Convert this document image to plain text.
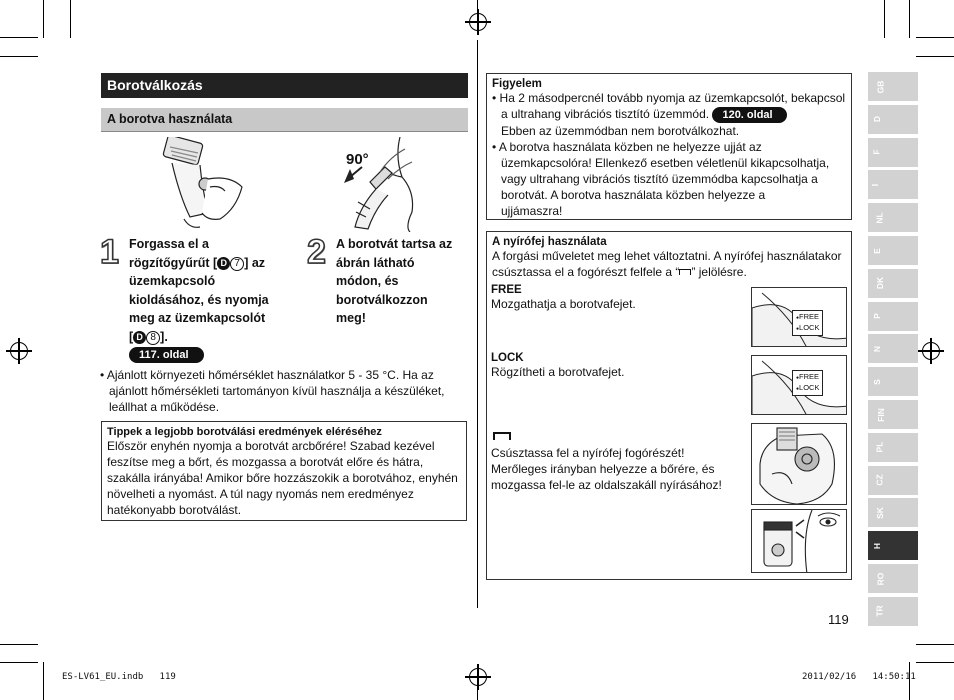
Borotválkozás
A borotva használata
90°
1 Forgassa el a
rögzítőgyűrűt [ D 7 ] az
üzemkapcsoló
kioldásához, és nyomja
meg az üzemkapcsolót
[ D 8 ].
117. oldal
2 A borotvát tartsa az
ábrán látható
módon, és
borotválkozzon
meg!
• Ajánlott környezeti hőmérséklet használatkor 5 - 35 °C. Ha az
ajánlott hőmérsékleti tartományon kívül használja a készüléket,
leállhat a működése.
Tippek a legjobb borotválási eredmények eléréséhez
Először enyhén nyomja a borotvát arcbőrére! Szabad kezével
feszítse meg a bőrt, és mozgassa a borotvát előre és hátra,
szakálla irányába! Amikor bőre hozzászokik a borotvához, enyhén
növelheti a nyomást. A túl nagy nyomás nem eredményez
hatékonyabb borotválást.
Figyelem
• Ha 2 másodpercnél tovább nyomja az üzemkapcsolót, bekapcsol
a ultrahang vibrációs tisztító üzemmód. 120. oldal
Ebben az üzemmódban nem borotválkozhat.
• A borotva használata közben ne helyezze ujját az
üzemkapcsolóra! Ellenkező esetben véletlenül kikapcsolhatja,
vagy ultrahang vibrációs tisztító üzemmódba kapcsolhatja a
borotvát. A borotva használata közben helyezze a
ujjámaszra!
A nyírófej használata
A forgási műveletet meg lehet változtatni. A nyírófej használatakor
csúsztassa el a fogórészt felfele a “ ” jelölésre.
FREE
Mozgathatja a borotvafejet.
●FREE
●LOCK
LOCK
Rögzítheti a borotvafejet.	●FREE
●LOCK
Csúsztassa fel a nyírófej fogórészét!
Merőleges irányban helyezze a bőrére, és
mozgassa fel-le az oldalszakáll nyírásához!
119
GB
D
F
I
NL
E
DK
P
N
S
FIN
PL
CZ
SK
H
RO
TR
ES-LV61_EU.indb   119	2011/02/16   14:50:11
